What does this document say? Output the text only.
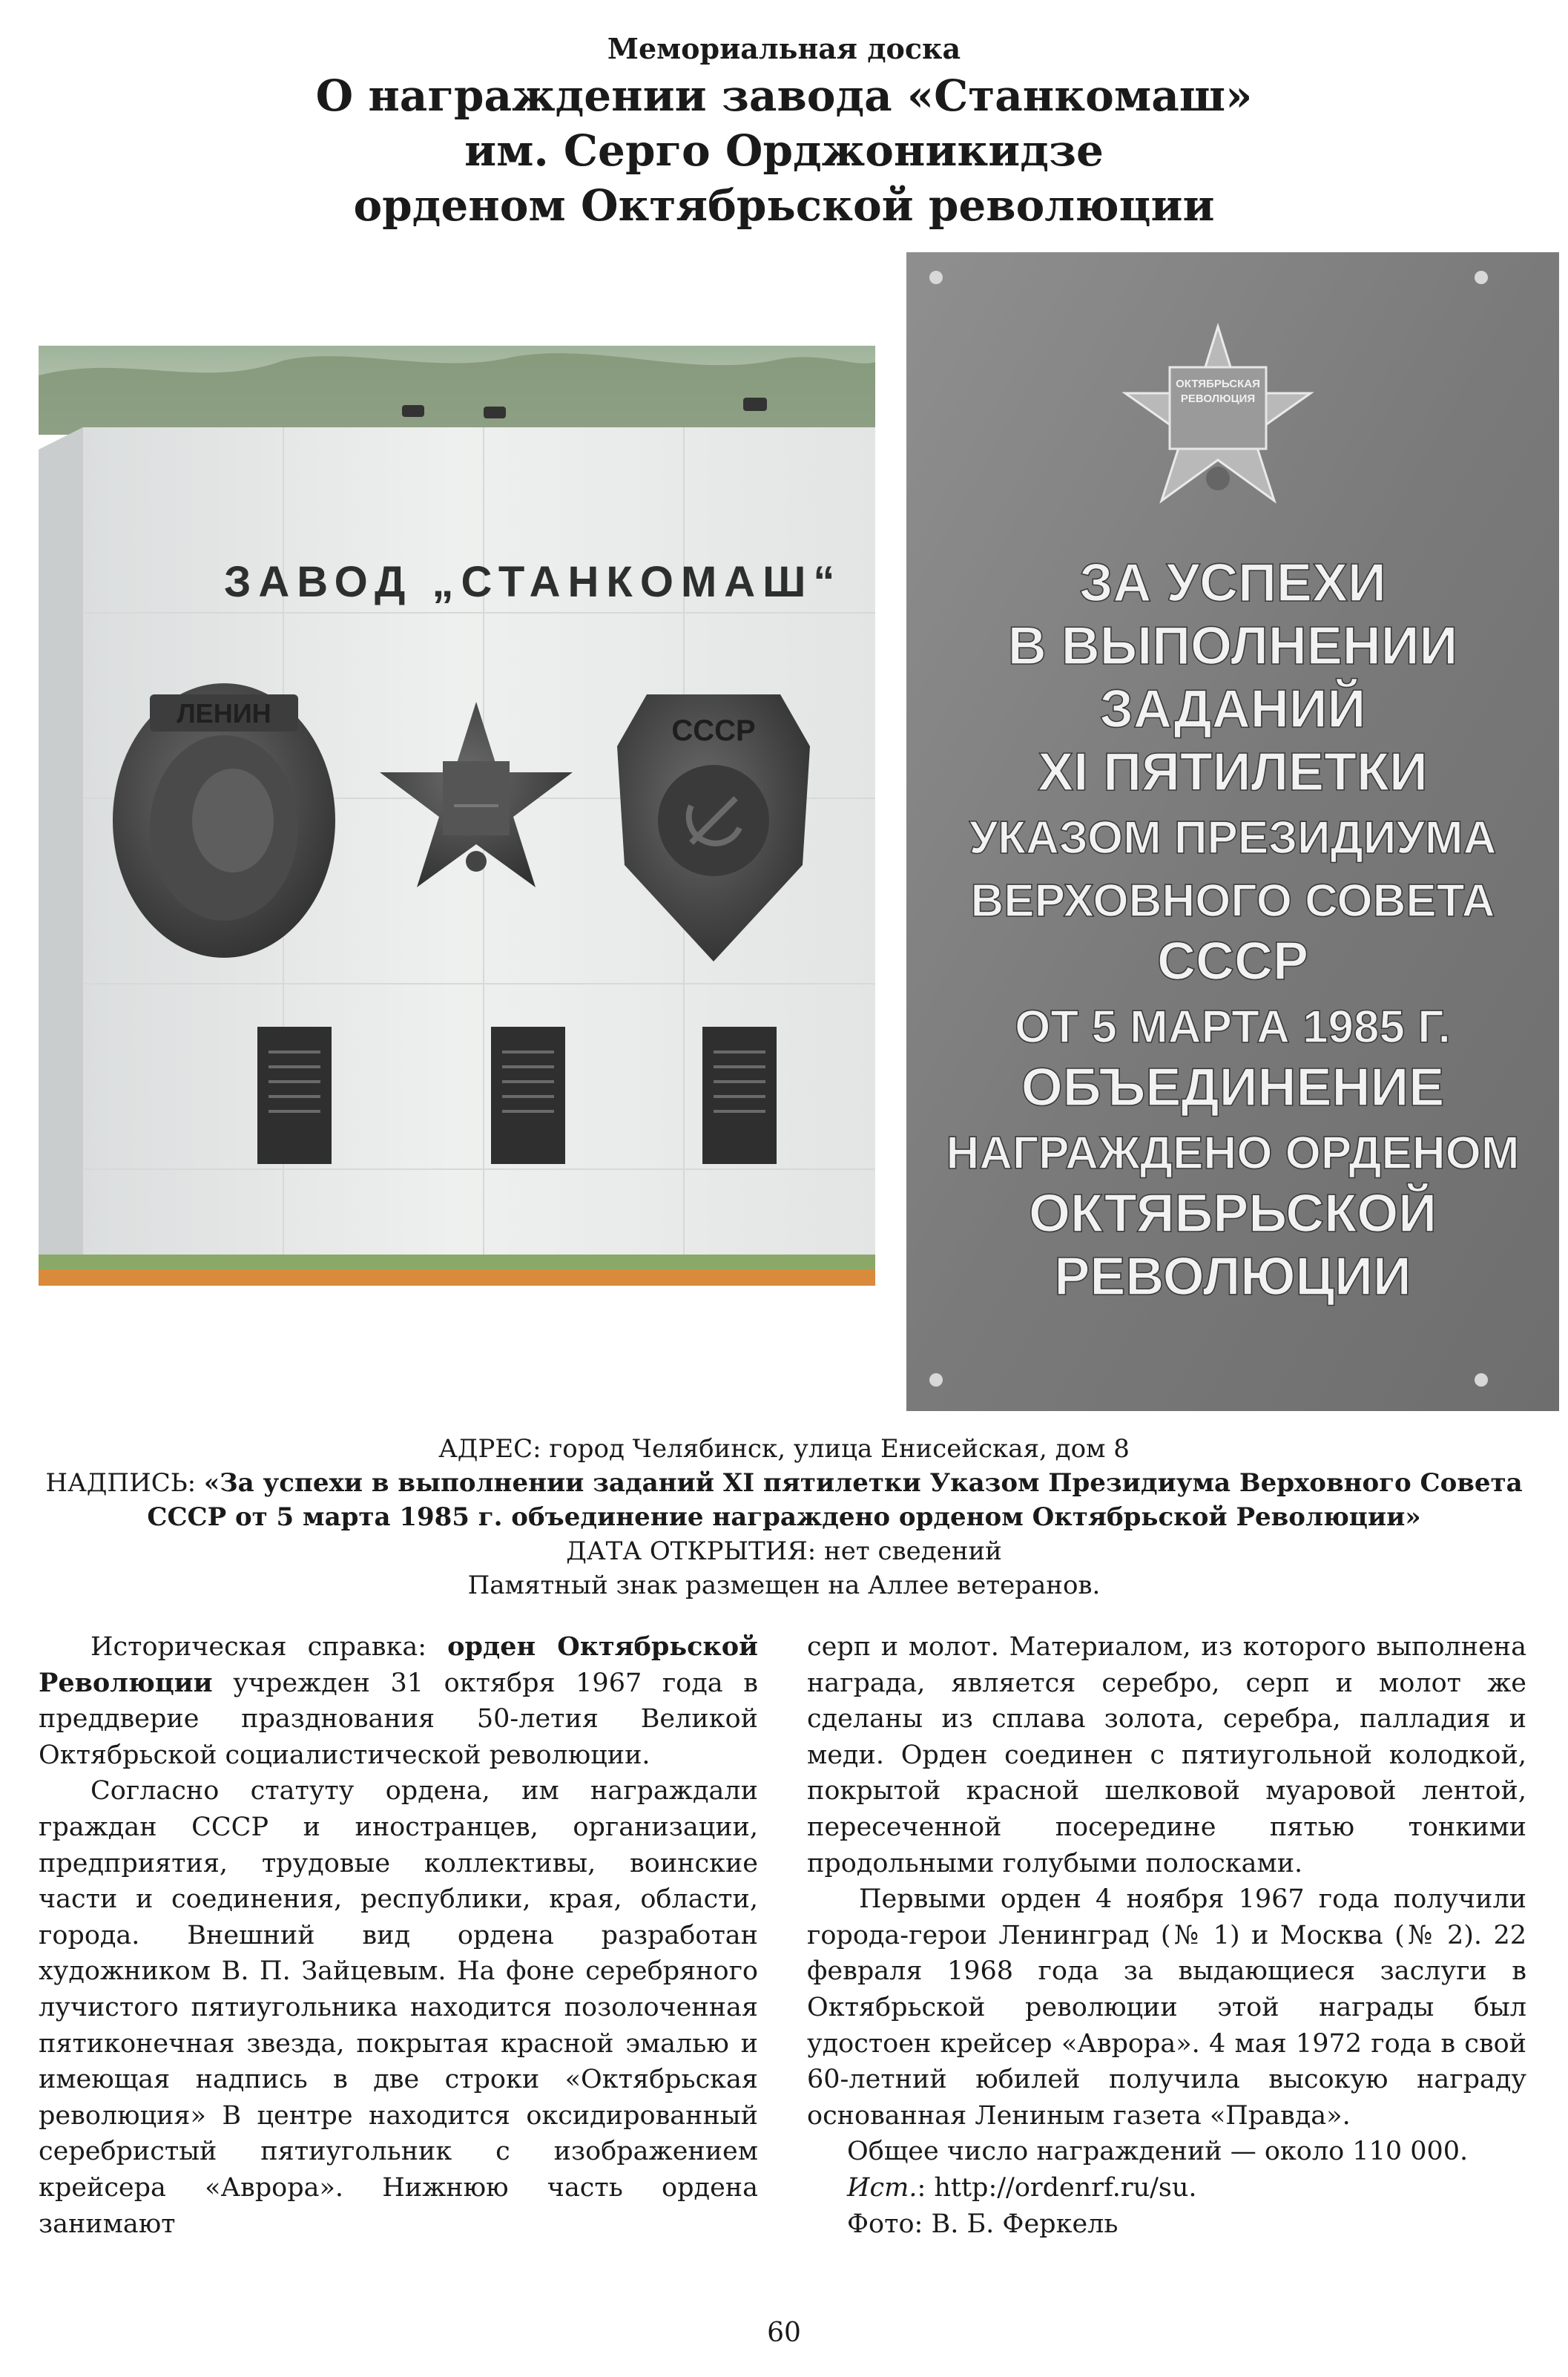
Мемориальная доска
О награждении завода «Станкомаш»
им. Серго Орджоникидзе
орденом Октябрьской революции
ЗАВОД „СТАНКОМАШ“
ЛЕНИН
СССР
ОКТЯБРЬСКАЯ
РЕВОЛЮЦИЯ
ЗА УСПЕХИ
В ВЫПОЛНЕНИИ
ЗАДАНИЙ
XI ПЯТИЛЕТКИ
УКАЗОМ ПРЕЗИДИУМА
ВЕРХОВНОГО СОВЕТА
СССР
ОТ 5 МАРТА 1985 Г.
ОБЪЕДИНЕНИЕ
НАГРАЖДЕНО ОРДЕНОМ
ОКТЯБРЬСКОЙ
РЕВОЛЮЦИИ
АДРЕС: город Челябинск, улица Енисейская, дом 8
НАДПИСЬ: «За успехи в выполнении заданий XI пятилетки Указом Президиума Верховного Совета СССР от 5 марта 1985 г. объединение награждено орденом Октябрьской Революции»
ДАТА ОТКРЫТИЯ: нет сведений
Памятный знак размещен на Аллее ветеранов.

Историческая справка: орден Октябрьской Революции учрежден 31 октября 1967 года в преддверие празднования 50-летия Великой Октябрьской социалистической революции.

Согласно статуту ордена, им награждали граждан СССР и иностранцев, организации, предприятия, трудовые коллективы, воинские части и соединения, республики, края, области, города. Внешний вид ордена разработан художником В. П. Зайцевым. На фоне серебряного лучистого пятиугольника находится позолоченная пятиконечная звезда, покрытая красной эмалью и имеющая надпись в две строки «Октябрьская революция» В центре находится оксидированный серебристый пятиугольник с изображением крейсера «Аврора». Нижнюю часть ордена занимают

серп и молот. Материалом, из которого выполнена награда, является серебро, серп и молот же сделаны из сплава золота, серебра, палладия и меди. Орден соединен с пятиугольной колодкой, покрытой красной шелковой муаровой лентой, пересеченной посередине пятью тонкими продольными голубыми полосками.

Первыми орден 4 ноября 1967 года получили города-герои Ленинград (№ 1) и Москва (№ 2). 22 февраля 1968 года за выдающиеся заслуги в Октябрьской революции этой награды был удостоен крейсер «Аврора». 4 мая 1972 года в свой 60-летний юбилей получила высокую награду основанная Лениным газета «Правда».

Общее число награждений — около 110 000.

Ист.: http://ordenrf.ru/su.

Фото: В. Б. Феркель

60
